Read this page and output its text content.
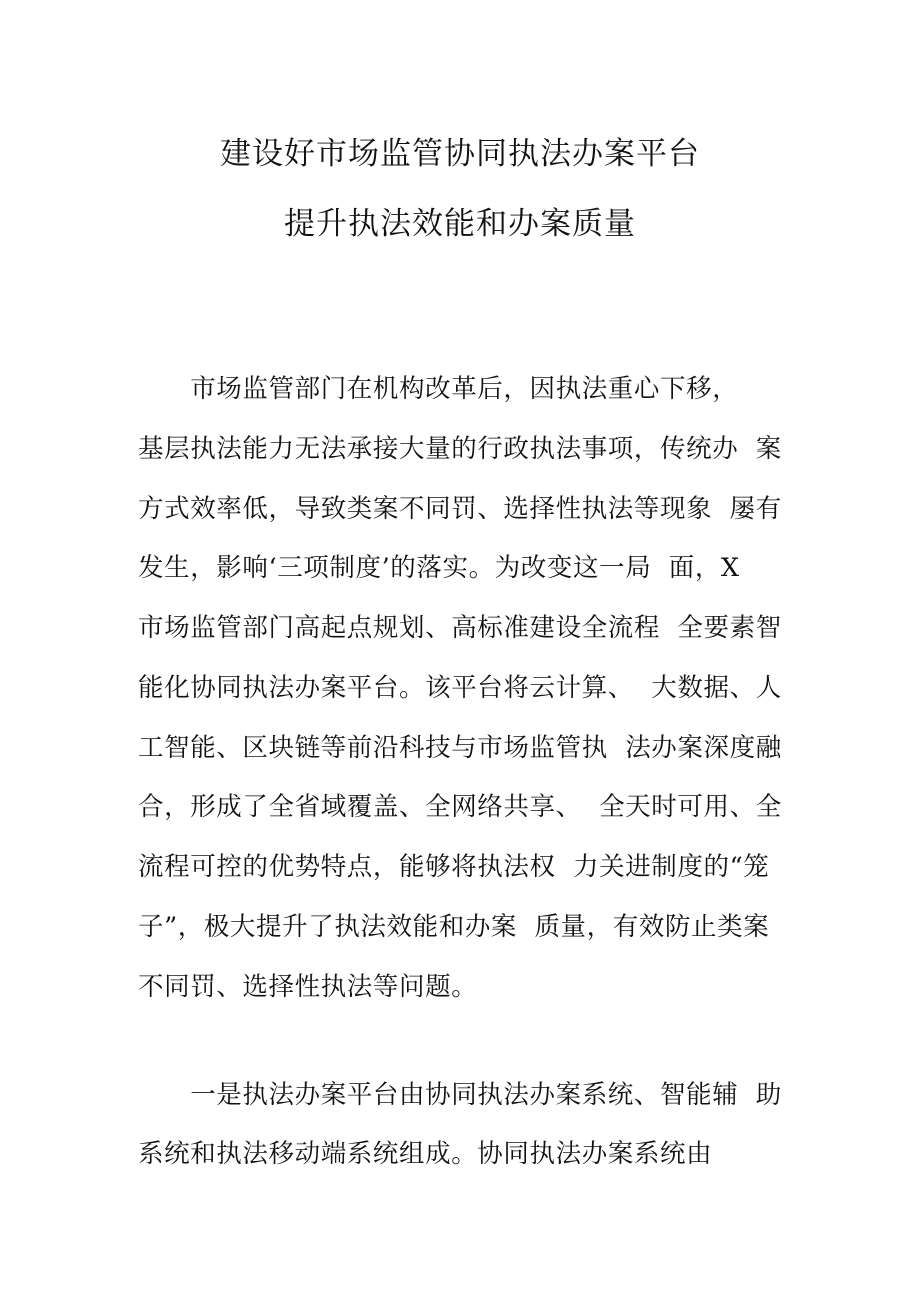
建设好市场监管协同执法办案平台
提升执法效能和办案质量
　　市场监管部门在机构改革后，因执法重心下移，
基层执法能力无法承接大量的行政执法事项，传统办  案
方式效率低，导致类案不同罚、选择性执法等现象  屡有
发生，影响‘三项制度’的落实。为改变这一局  面，X
市场监管部门高起点规划、高标准建设全流程  全要素智
能化协同执法办案平台。该平台将云计算、  大数据、人
工智能、区块链等前沿科技与市场监管执  法办案深度融
合，形成了全省域覆盖、全网络共享、  全天时可用、全
流程可控的优势特点，能够将执法权  力关进制度的“笼
子”，极大提升了执法效能和办案  质量，有效防止类案
不同罚、选择性执法等问题。
　　一是执法办案平台由协同执法办案系统、智能辅  助
系统和执法移动端系统组成。协同执法办案系统由
